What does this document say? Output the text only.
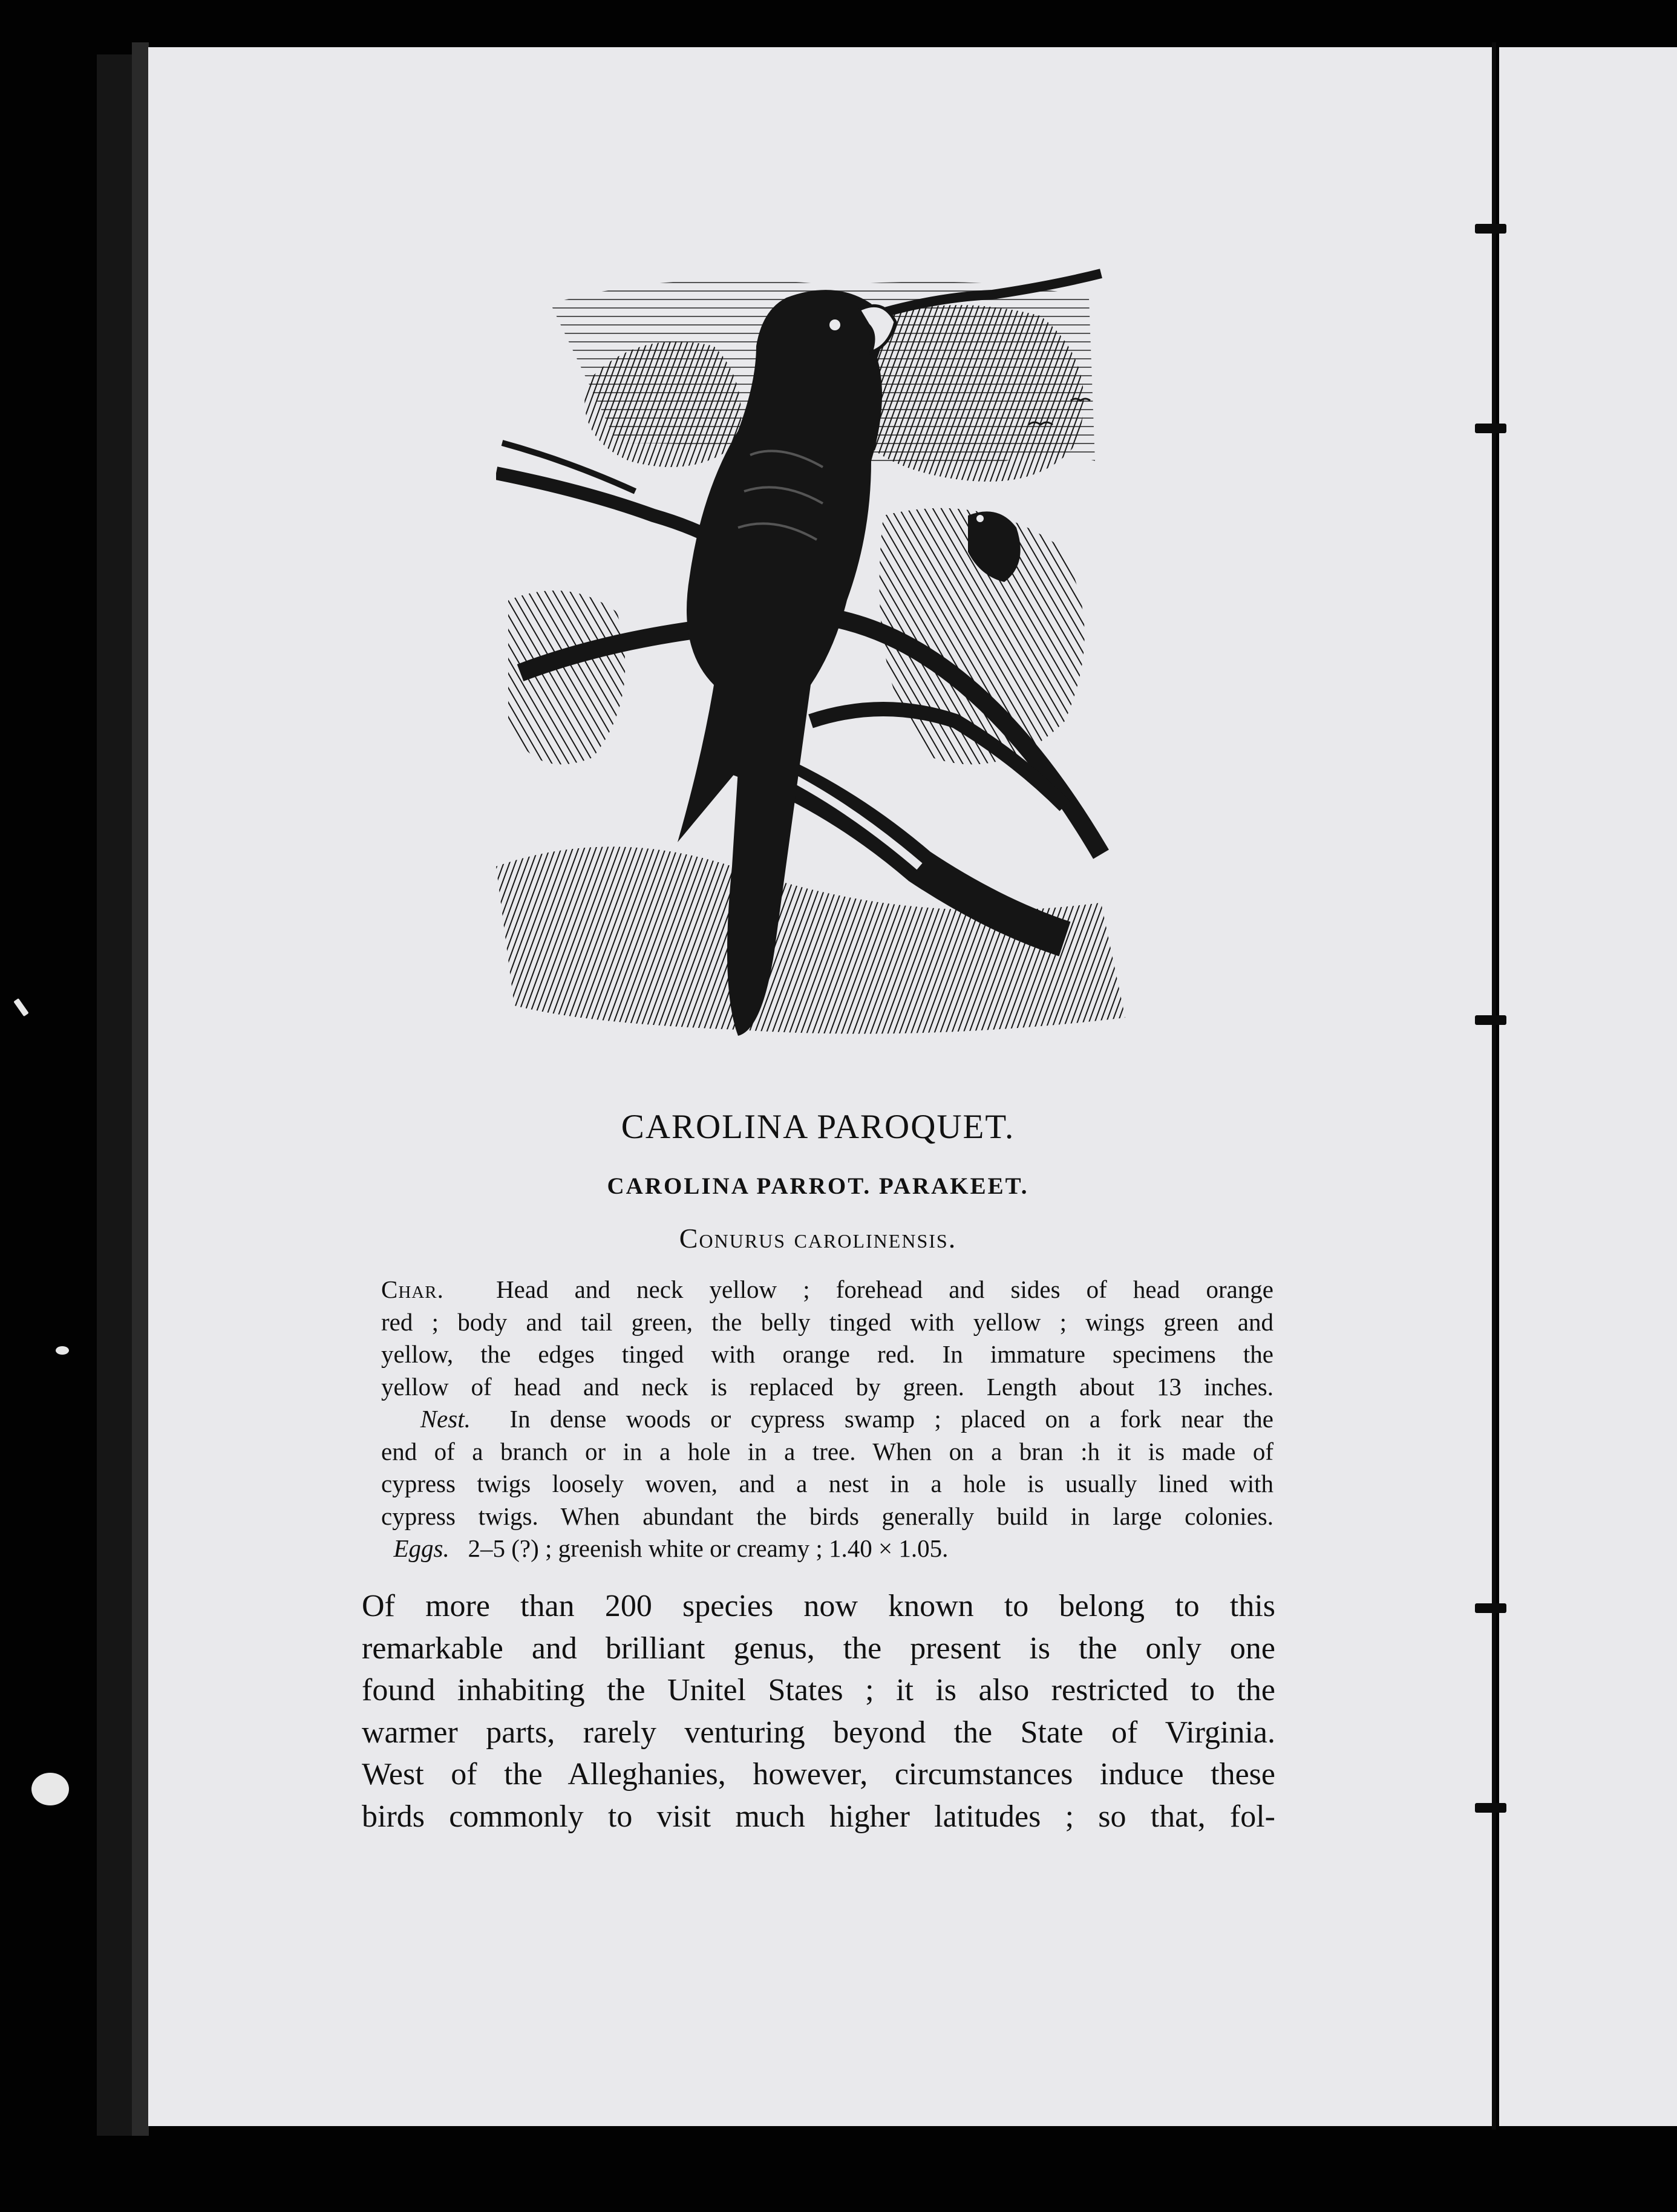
CAROLINA PAROQUET.
CAROLINA PARROT. PARAKEET.
Conurus carolinensis.
Char. Head and neck yellow ; forehead and sides of head orange
red ; body and tail green, the belly tinged with yellow ; wings green and
yellow, the edges tinged with orange red. In immature specimens the
yellow of head and neck is replaced by green. Length about 13 inches.
Nest. In dense woods or cypress swamp ; placed on a fork near the
end of a branch or in a hole in a tree. When on a bran :h it is made of
cypress twigs loosely woven, and a nest in a hole is usually lined with
cypress twigs. When abundant the birds generally build in large colonies.
Eggs. 2–5 (?) ; greenish white or creamy ; 1.40 × 1.05.
Of more than 200 species now known to belong to this
remarkable and brilliant genus, the present is the only one
found inhabiting the Unitel States ; it is also restricted to the
warmer parts, rarely venturing beyond the State of Virginia.
West of the Alleghanies, however, circumstances induce these
birds commonly to visit much higher latitudes ; so that, fol-
